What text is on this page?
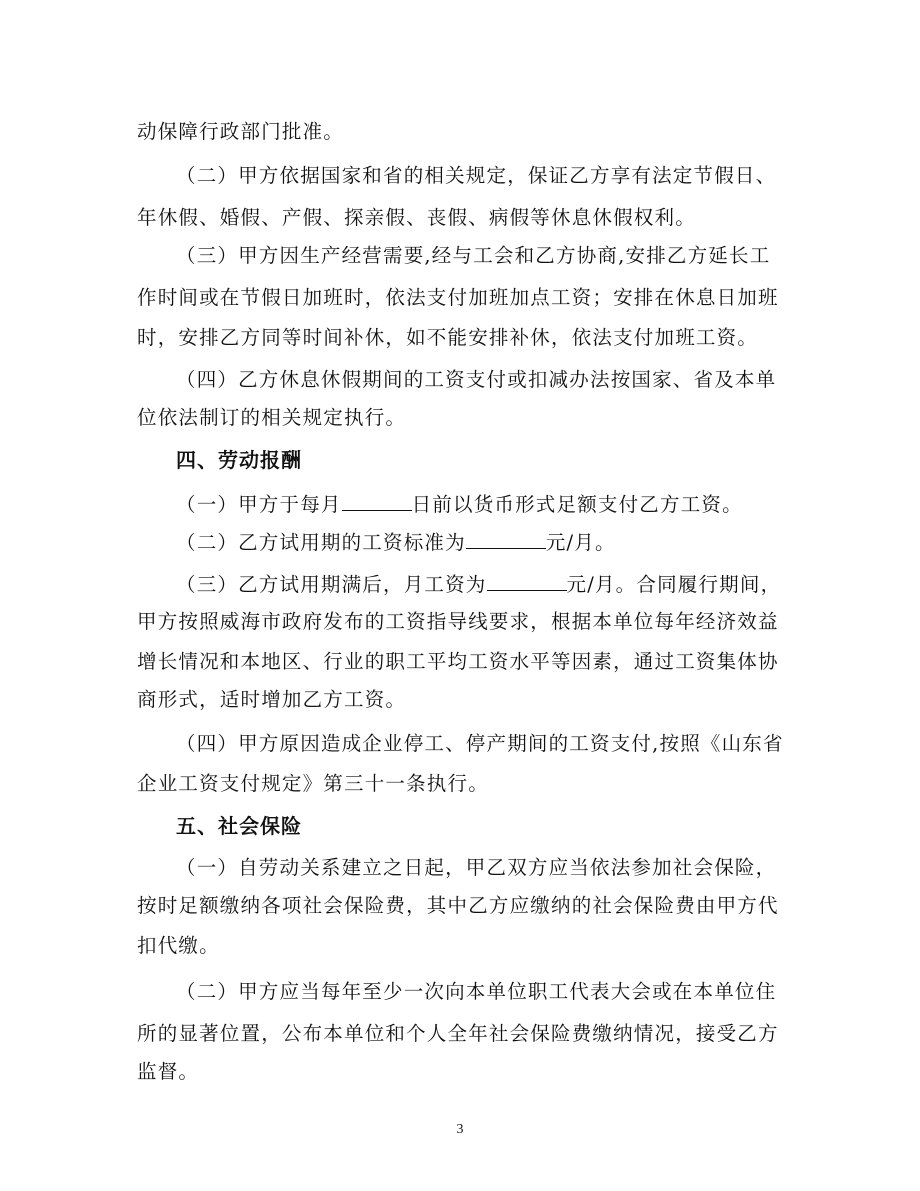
动保障行政部门批准。
（二）甲方依据国家和省的相关规定，保证乙方享有法定节假日、
年休假、婚假、产假、探亲假、丧假、病假等休息休假权利。
（三）甲方因生产经营需要,经与工会和乙方协商,安排乙方延长工
作时间或在节假日加班时，依法支付加班加点工资；安排在休息日加班
时，安排乙方同等时间补休，如不能安排补休，依法支付加班工资。
（四）乙方休息休假期间的工资支付或扣减办法按国家、省及本单
位依法制订的相关规定执行。
四、劳动报酬
（一）甲方于每月	日前以货币形式足额支付乙方工资。
（二）乙方试用期的工资标准为	元/月。
（三）乙方试用期满后，月工资为	元/月。合同履行期间，
甲方按照威海市政府发布的工资指导线要求，根据本单位每年经济效益
增长情况和本地区、行业的职工平均工资水平等因素，通过工资集体协
商形式，适时增加乙方工资。
（四）甲方原因造成企业停工、停产期间的工资支付,按照《山东省
企业工资支付规定》第三十一条执行。
五、社会保险
（一）自劳动关系建立之日起，甲乙双方应当依法参加社会保险，
按时足额缴纳各项社会保险费，其中乙方应缴纳的社会保险费由甲方代
扣代缴。
（二）甲方应当每年至少一次向本单位职工代表大会或在本单位住
所的显著位置，公布本单位和个人全年社会保险费缴纳情况，接受乙方
监督。
3
